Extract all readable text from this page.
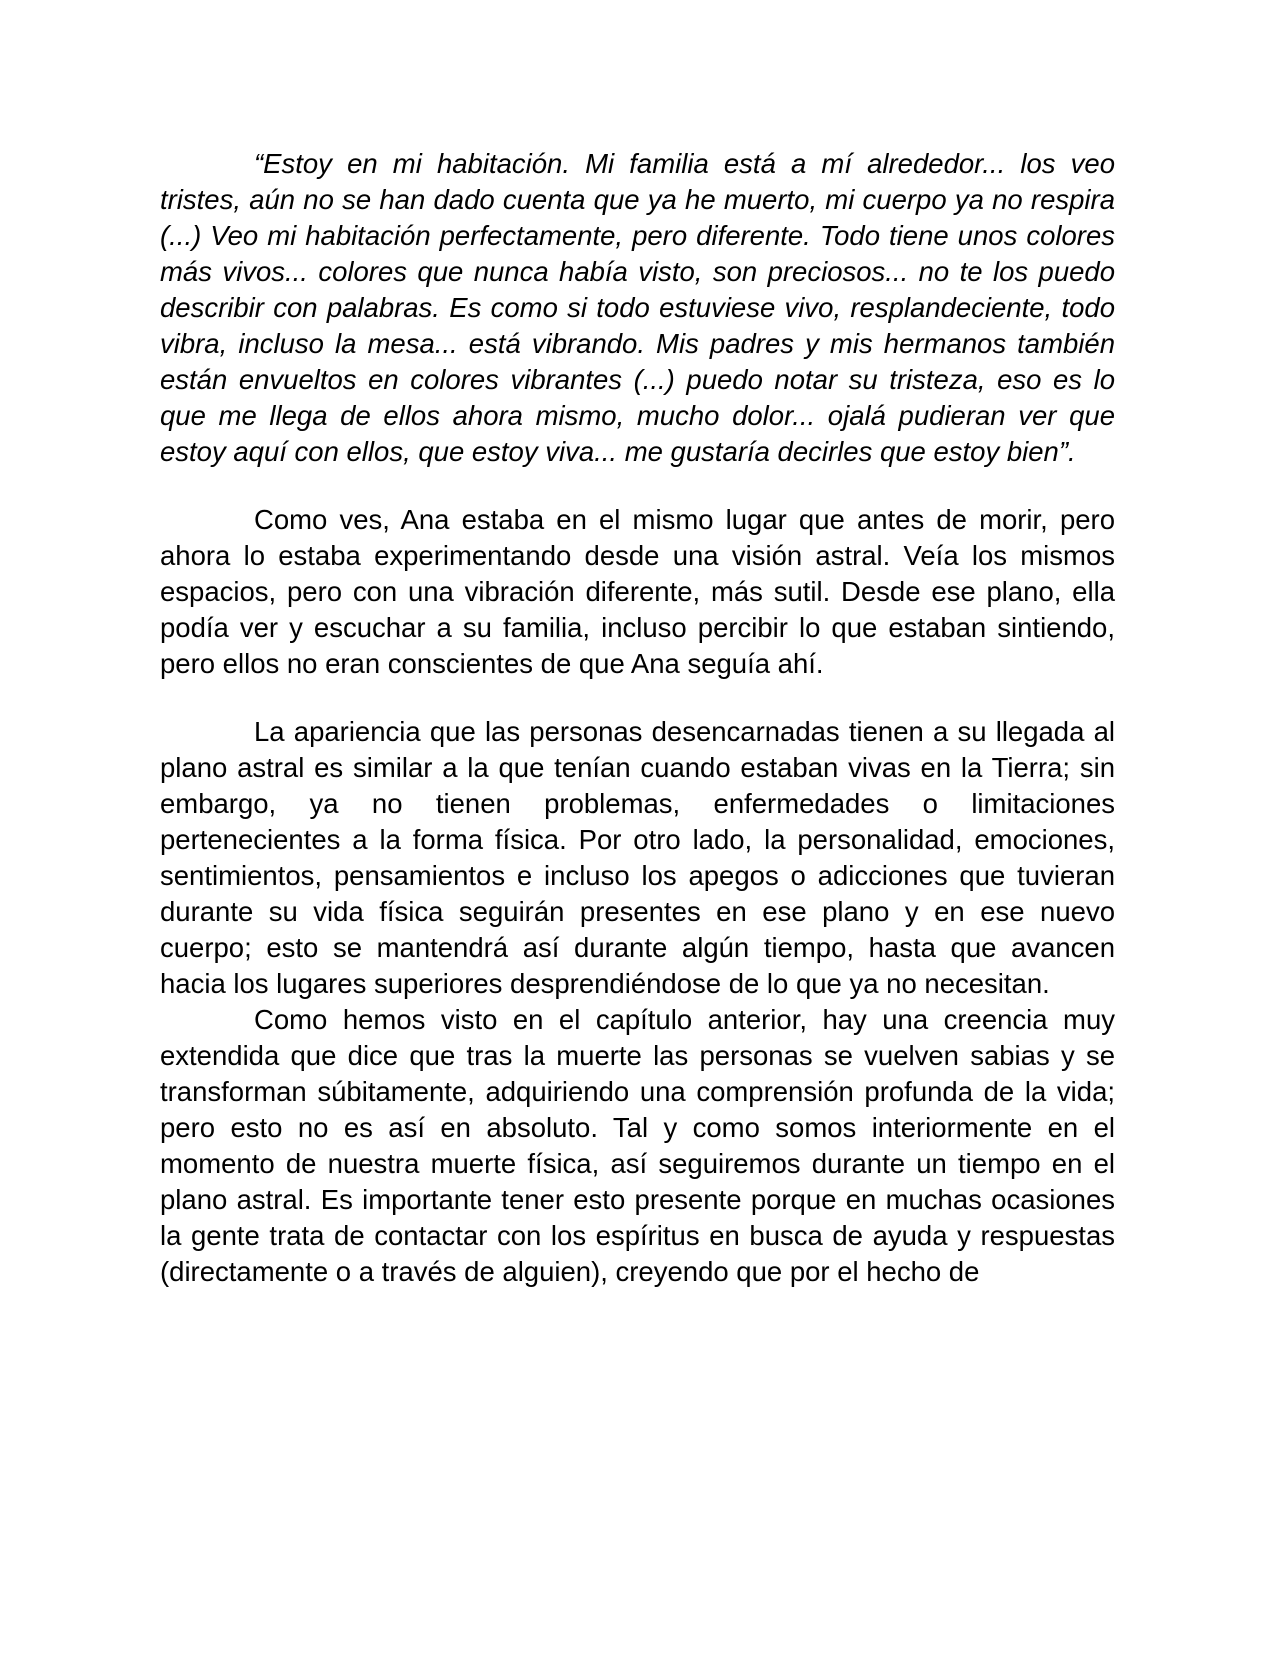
“Estoy en mi habitación. Mi familia está a mí alrededor... los veo tristes, aún no se han dado cuenta que ya he muerto, mi cuerpo ya no respira (...) Veo mi habitación perfectamente, pero diferente. Todo tiene unos colores más vivos... colores que nunca había visto, son preciosos... no te los puedo describir con palabras. Es como si todo estuviese vivo, resplandeciente, todo vibra, incluso la mesa... está vibrando. Mis padres y mis hermanos también están envueltos en colores vibrantes (...) puedo notar su tristeza, eso es lo que me llega de ellos ahora mismo, mucho dolor... ojalá pudieran ver que estoy aquí con ellos, que estoy viva... me gustaría decirles que estoy bien”.

Como ves, Ana estaba en el mismo lugar que antes de morir, pero ahora lo estaba experimentando desde una visión astral. Veía los mismos espacios, pero con una vibración diferente, más sutil. Desde ese plano, ella podía ver y escuchar a su familia, incluso percibir lo que estaban sintiendo, pero ellos no eran conscientes de que Ana seguía ahí.

La apariencia que las personas desencarnadas tienen a su llegada al plano astral es similar a la que tenían cuando estaban vivas en la Tierra; sin embargo, ya no tienen problemas, enfermedades o limitaciones pertenecientes a la forma física. Por otro lado, la personalidad, emociones, sentimientos, pensamientos e incluso los apegos o adicciones que tuvieran durante su vida física seguirán presentes en ese plano y en ese nuevo cuerpo; esto se mantendrá así durante algún tiempo, hasta que avancen hacia los lugares superiores desprendiéndose de lo que ya no necesitan.

Como hemos visto en el capítulo anterior, hay una creencia muy extendida que dice que tras la muerte las personas se vuelven sabias y se transforman súbitamente, adquiriendo una comprensión profunda de la vida; pero esto no es así en absoluto. Tal y como somos interiormente en el momento de nuestra muerte física, así seguiremos durante un tiempo en el plano astral. Es importante tener esto presente porque en muchas ocasiones la gente trata de contactar con los espíritus en busca de ayuda y respuestas (directamente o a través de alguien), creyendo que por el hecho de
